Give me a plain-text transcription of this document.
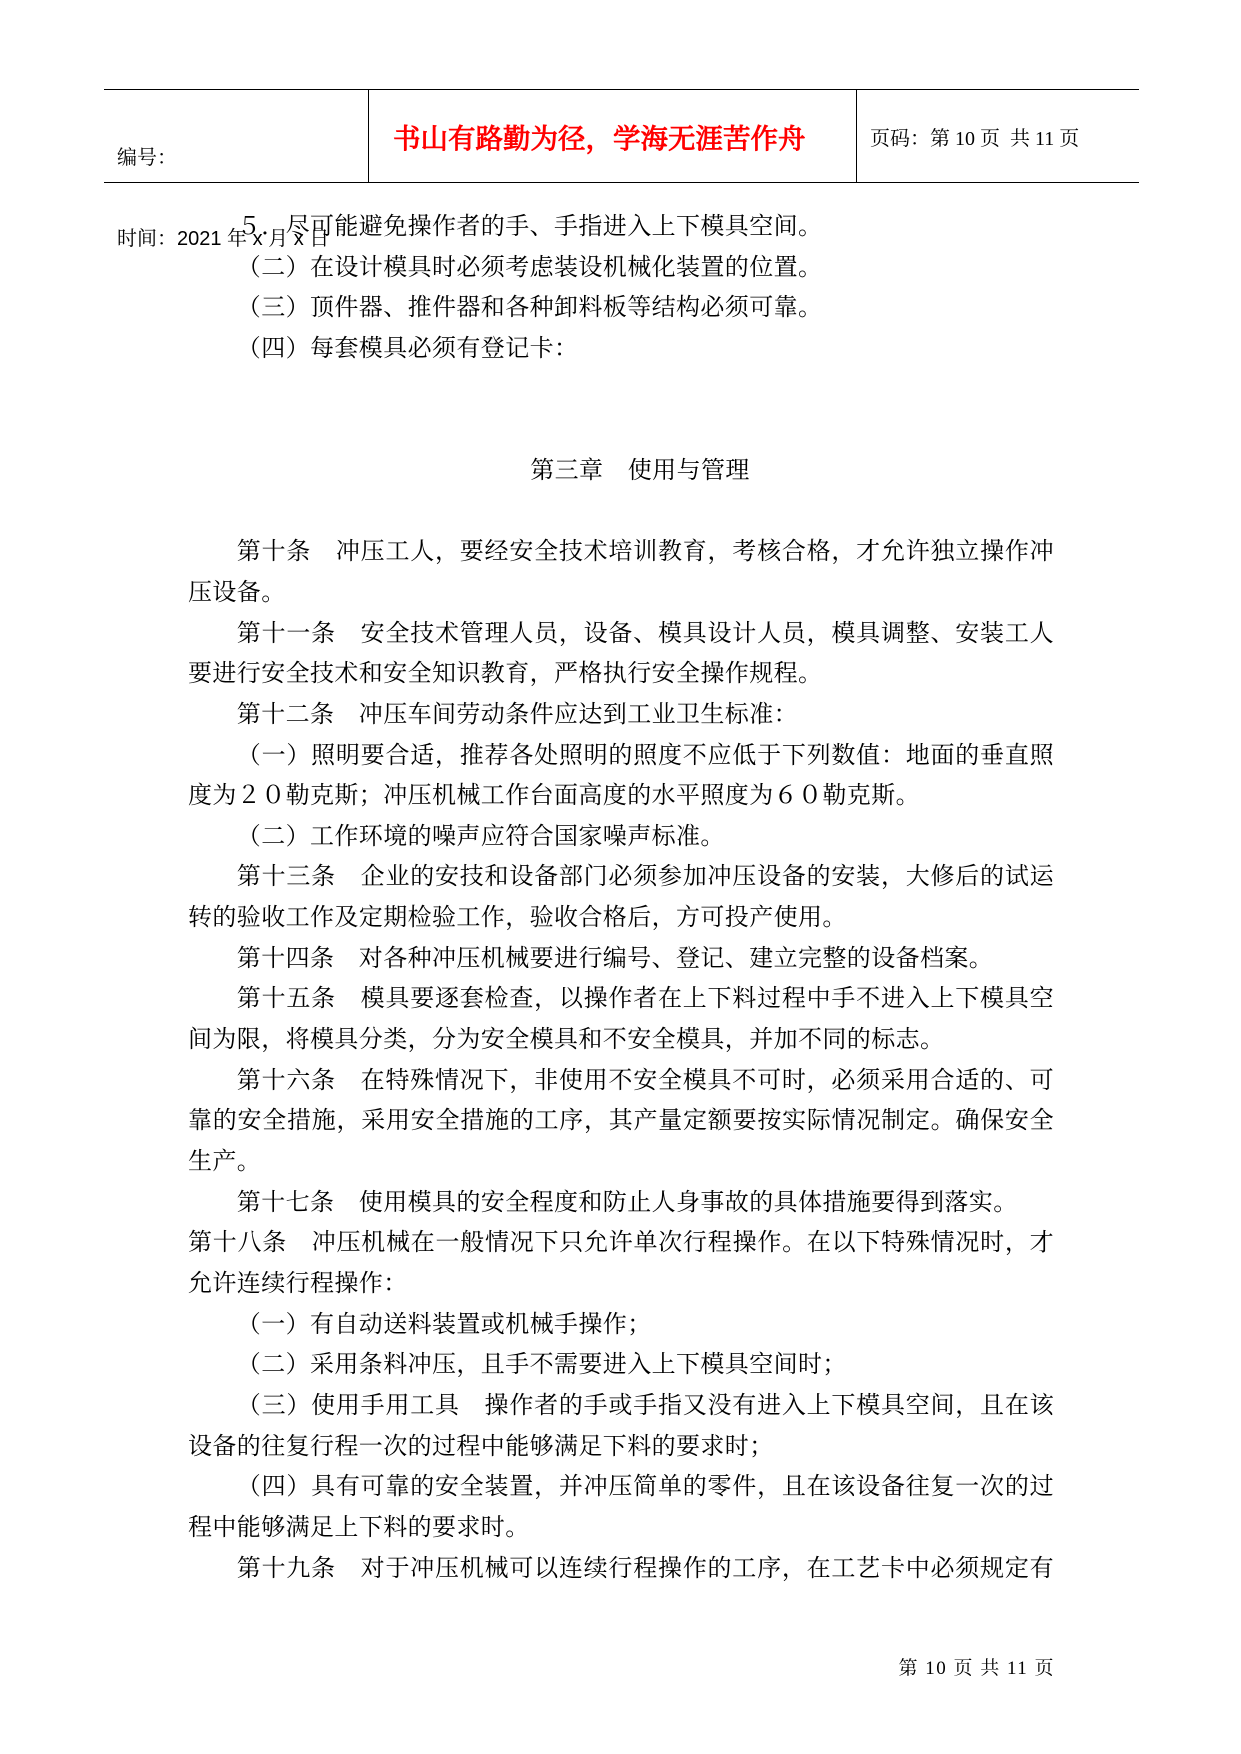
编号：

时间：2021 年 x 月 x 日

书山有路勤为径，学海无涯苦作舟	页码：第 10 页  共 11 页
５．尽可能避免操作者的手、手指进入上下模具空间。
（二）在设计模具时必须考虑装设机械化装置的位置。
（三）顶件器、推件器和各种卸料板等结构必须可靠。
（四）每套模具必须有登记卡：
第三章　使用与管理
第十条　冲压工人，要经安全技术培训教育，考核合格，才允许独立操作冲
压设备。
第十一条　安全技术管理人员，设备、模具设计人员，模具调整、安装工人
要进行安全技术和安全知识教育，严格执行安全操作规程。
第十二条　冲压车间劳动条件应达到工业卫生标准：
（一）照明要合适，推荐各处照明的照度不应低于下列数值：地面的垂直照
度为２０勒克斯；冲压机械工作台面高度的水平照度为６０勒克斯。
（二）工作环境的噪声应符合国家噪声标准。
第十三条　企业的安技和设备部门必须参加冲压设备的安装，大修后的试运
转的验收工作及定期检验工作，验收合格后，方可投产使用。
第十四条　对各种冲压机械要进行编号、登记、建立完整的设备档案。
第十五条　模具要逐套检查，以操作者在上下料过程中手不进入上下模具空
间为限，将模具分类，分为安全模具和不安全模具，并加不同的标志。
第十六条　在特殊情况下，非使用不安全模具不可时，必须采用合适的、可
靠的安全措施，采用安全措施的工序，其产量定额要按实际情况制定。确保安全
生产。
第十七条　使用模具的安全程度和防止人身事故的具体措施要得到落实。
第十八条　冲压机械在一般情况下只允许单次行程操作。在以下特殊情况时，才
允许连续行程操作：
（一）有自动送料装置或机械手操作；
（二）采用条料冲压，且手不需要进入上下模具空间时；
（三）使用手用工具　操作者的手或手指又没有进入上下模具空间，且在该
设备的往复行程一次的过程中能够满足下料的要求时；
（四）具有可靠的安全装置，并冲压简单的零件，且在该设备往复一次的过
程中能够满足上下料的要求时。
第十九条　对于冲压机械可以连续行程操作的工序，在工艺卡中必须规定有

第 10 页 共 11 页
